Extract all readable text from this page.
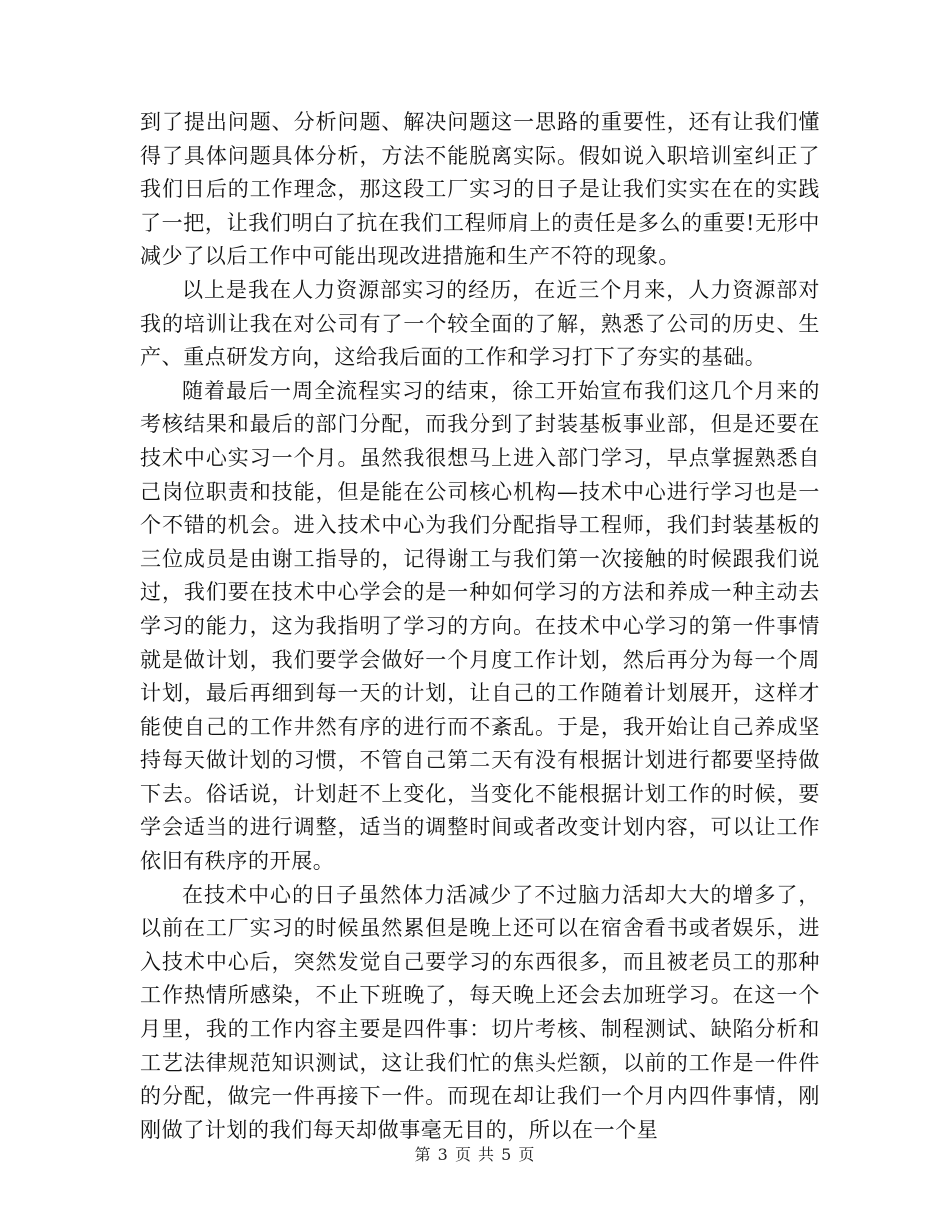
到了提出问题、分析问题、解决问题这一思路的重要性，还有让我们懂得了具体问题具体分析，方法不能脱离实际。假如说入职培训室纠正了我们日后的工作理念，那这段工厂实习的日子是让我们实实在在的实践了一把，让我们明白了抗在我们工程师肩上的责任是多么的重要!无形中减少了以后工作中可能出现改进措施和生产不符的现象。

以上是我在人力资源部实习的经历，在近三个月来，人力资源部对我的培训让我在对公司有了一个较全面的了解，熟悉了公司的历史、生产、重点研发方向，这给我后面的工作和学习打下了夯实的基础。

随着最后一周全流程实习的结束，徐工开始宣布我们这几个月来的考核结果和最后的部门分配，而我分到了封装基板事业部，但是还要在技术中心实习一个月。虽然我很想马上进入部门学习，早点掌握熟悉自己岗位职责和技能，但是能在公司核心机构—技术中心进行学习也是一个不错的机会。进入技术中心为我们分配指导工程师，我们封装基板的三位成员是由谢工指导的，记得谢工与我们第一次接触的时候跟我们说过，我们要在技术中心学会的是一种如何学习的方法和养成一种主动去学习的能力，这为我指明了学习的方向。在技术中心学习的第一件事情就是做计划，我们要学会做好一个月度工作计划，然后再分为每一个周计划，最后再细到每一天的计划，让自己的工作随着计划展开，这样才能使自己的工作井然有序的进行而不紊乱。于是，我开始让自己养成坚持每天做计划的习惯，不管自己第二天有没有根据计划进行都要坚持做下去。俗话说，计划赶不上变化，当变化不能根据计划工作的时候，要学会适当的进行调整，适当的调整时间或者改变计划内容，可以让工作依旧有秩序的开展。

在技术中心的日子虽然体力活减少了不过脑力活却大大的增多了，以前在工厂实习的时候虽然累但是晚上还可以在宿舍看书或者娱乐，进入技术中心后，突然发觉自己要学习的东西很多，而且被老员工的那种工作热情所感染，不止下班晚了，每天晚上还会去加班学习。在这一个月里，我的工作内容主要是四件事：切片考核、制程测试、缺陷分析和工艺法律规范知识测试，这让我们忙的焦头烂额，以前的工作是一件件的分配，做完一件再接下一件。而现在却让我们一个月内四件事情，刚刚做了计划的我们每天却做事毫无目的，所以在一个星

第 3 页 共 5 页
